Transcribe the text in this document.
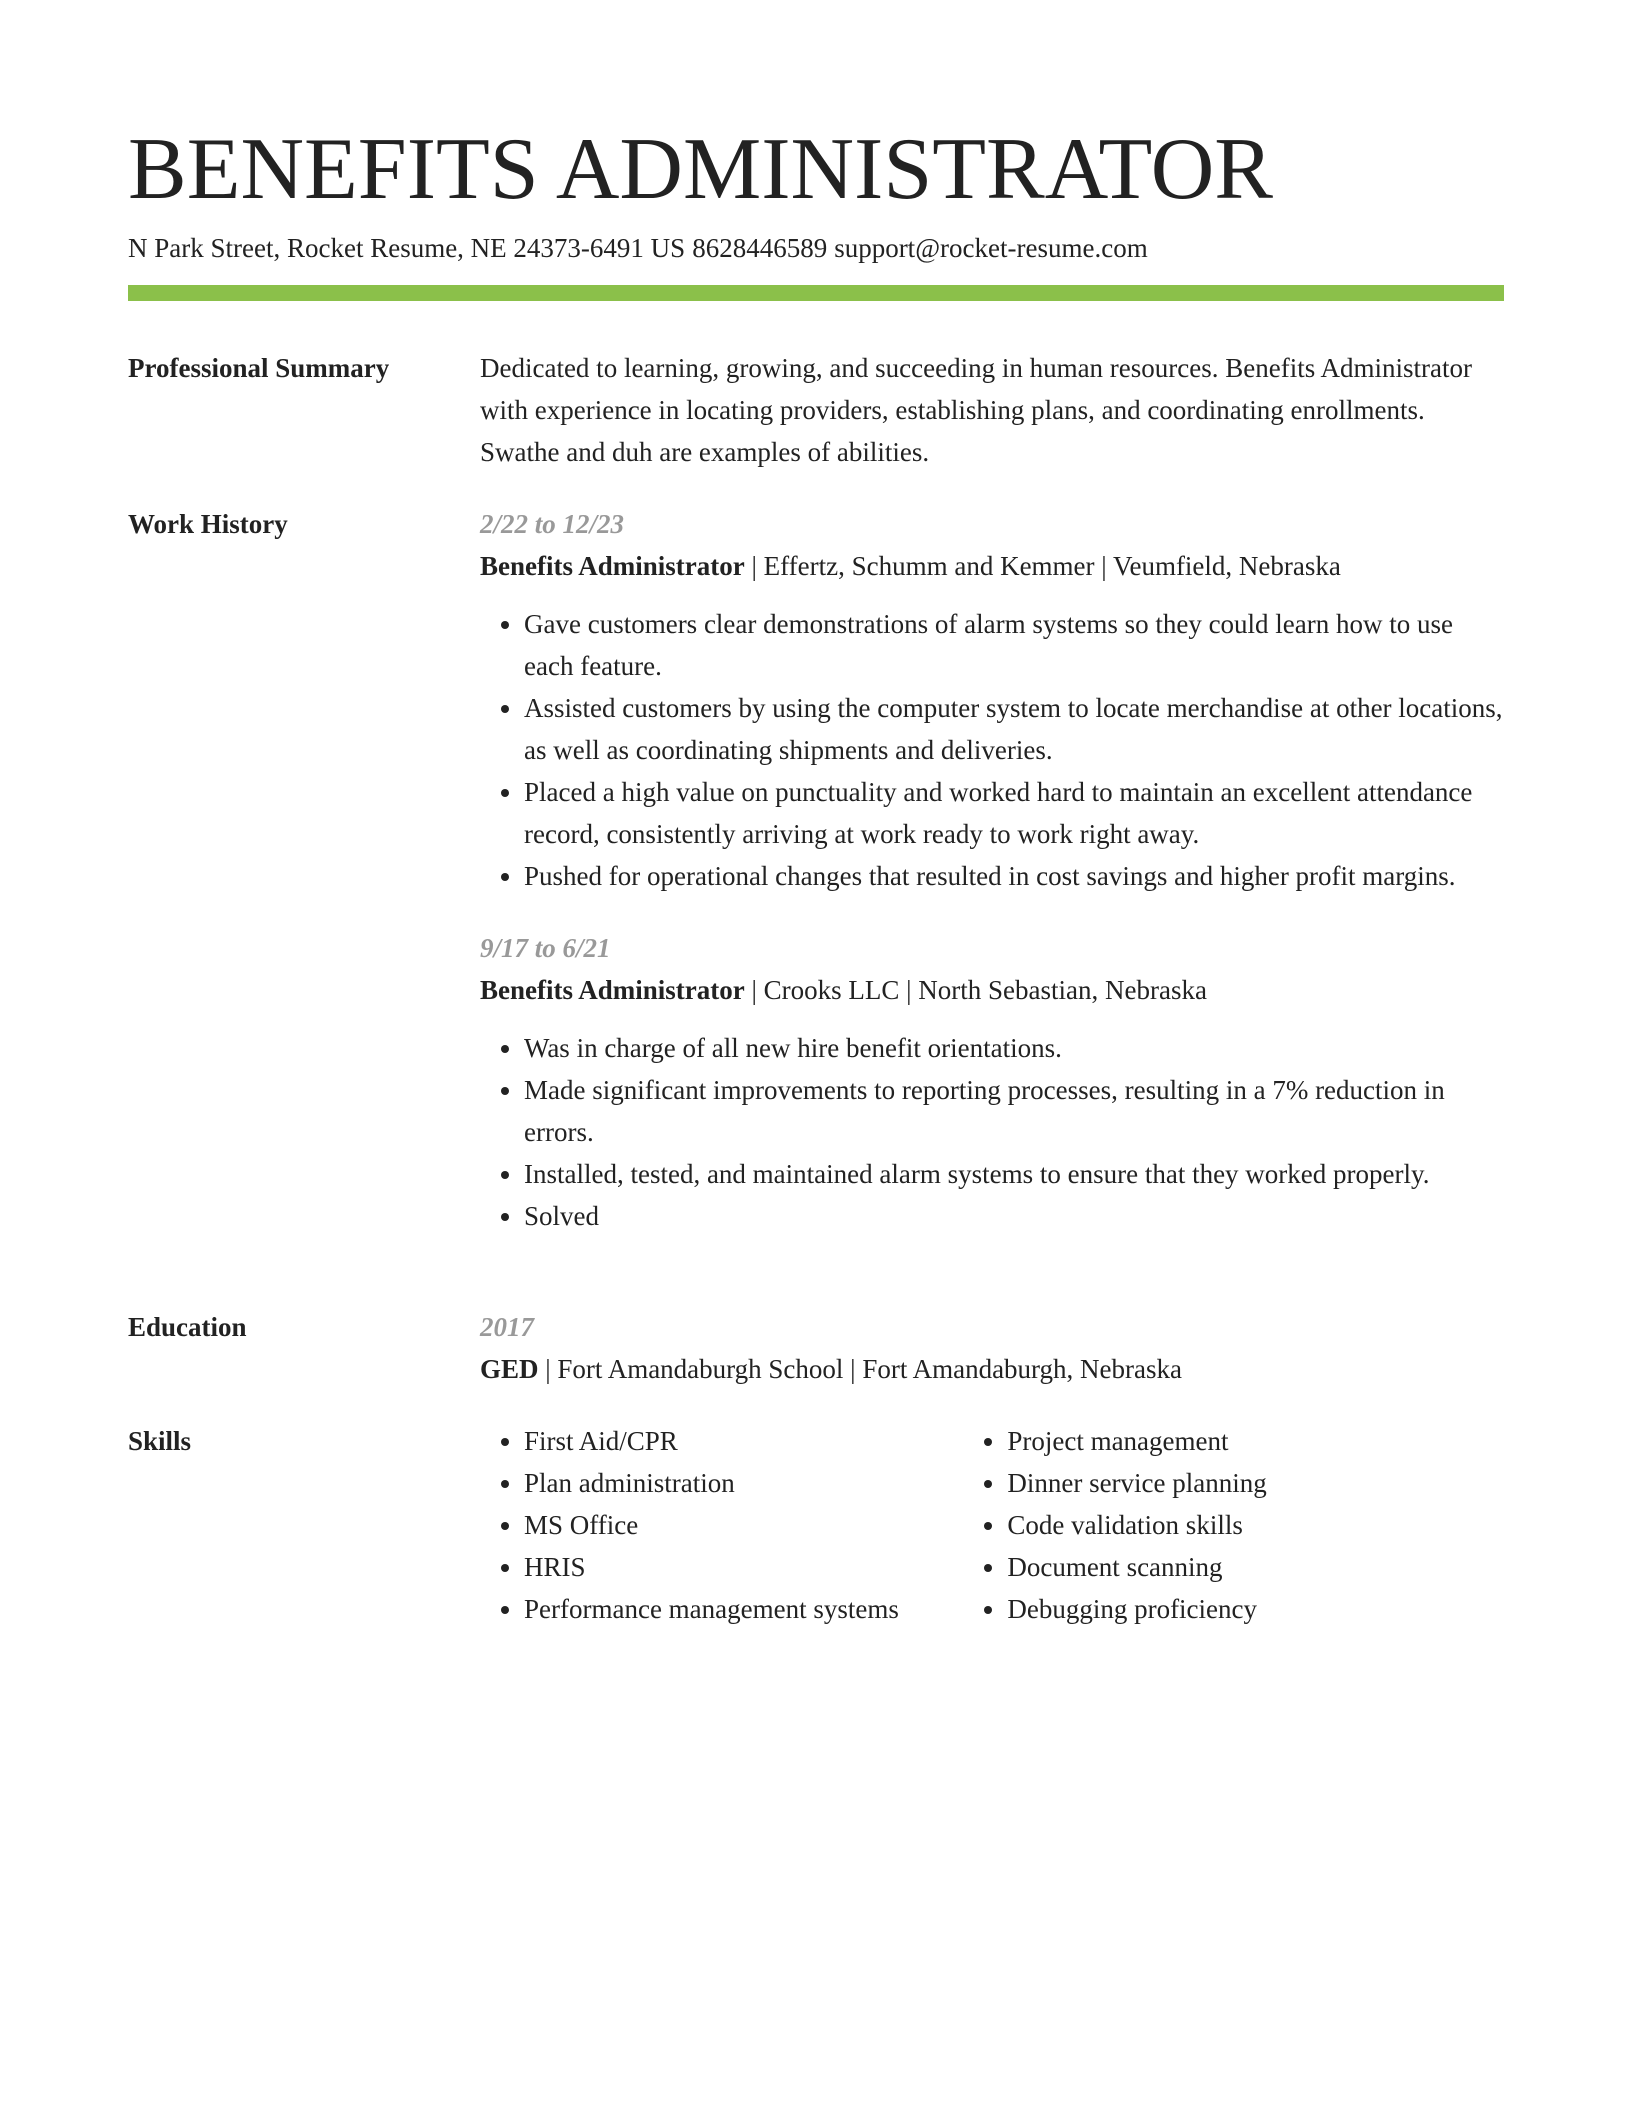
BENEFITS ADMINISTRATOR
N Park Street, Rocket Resume, NE 24373-6491 US 8628446589 support@rocket-resume.com
Professional Summary	Dedicated to learning, growing, and succeeding in human resources. Benefits Administrator with experience in locating providers, establishing plans, and coordinating enrollments. Swathe and duh are examples of abilities.
Work History	2/22 to 12/23
Benefits Administrator | Effertz, Schumm and Kemmer | Veumfield, Nebraska
• Gave customers clear demonstrations of alarm systems so they could learn how to use each feature.
• Assisted customers by using the computer system to locate merchandise at other locations, as well as coordinating shipments and deliveries.
• Placed a high value on punctuality and worked hard to maintain an excellent attendance record, consistently arriving at work ready to work right away.
• Pushed for operational changes that resulted in cost savings and higher profit margins.
9/17 to 6/21
Benefits Administrator | Crooks LLC | North Sebastian, Nebraska
• Was in charge of all new hire benefit orientations.
• Made significant improvements to reporting processes, resulting in a 7% reduction in errors.
• Installed, tested, and maintained alarm systems to ensure that they worked properly.
• Solved
Education	2017
GED | Fort Amandaburgh School | Fort Amandaburgh, Nebraska
Skills
•	First Aid/CPR
• Plan administration
• MS Office
• HRIS
• Performance management systems
• Project management
• Dinner service planning
• Code validation skills
• Document scanning
• Debugging proficiency
